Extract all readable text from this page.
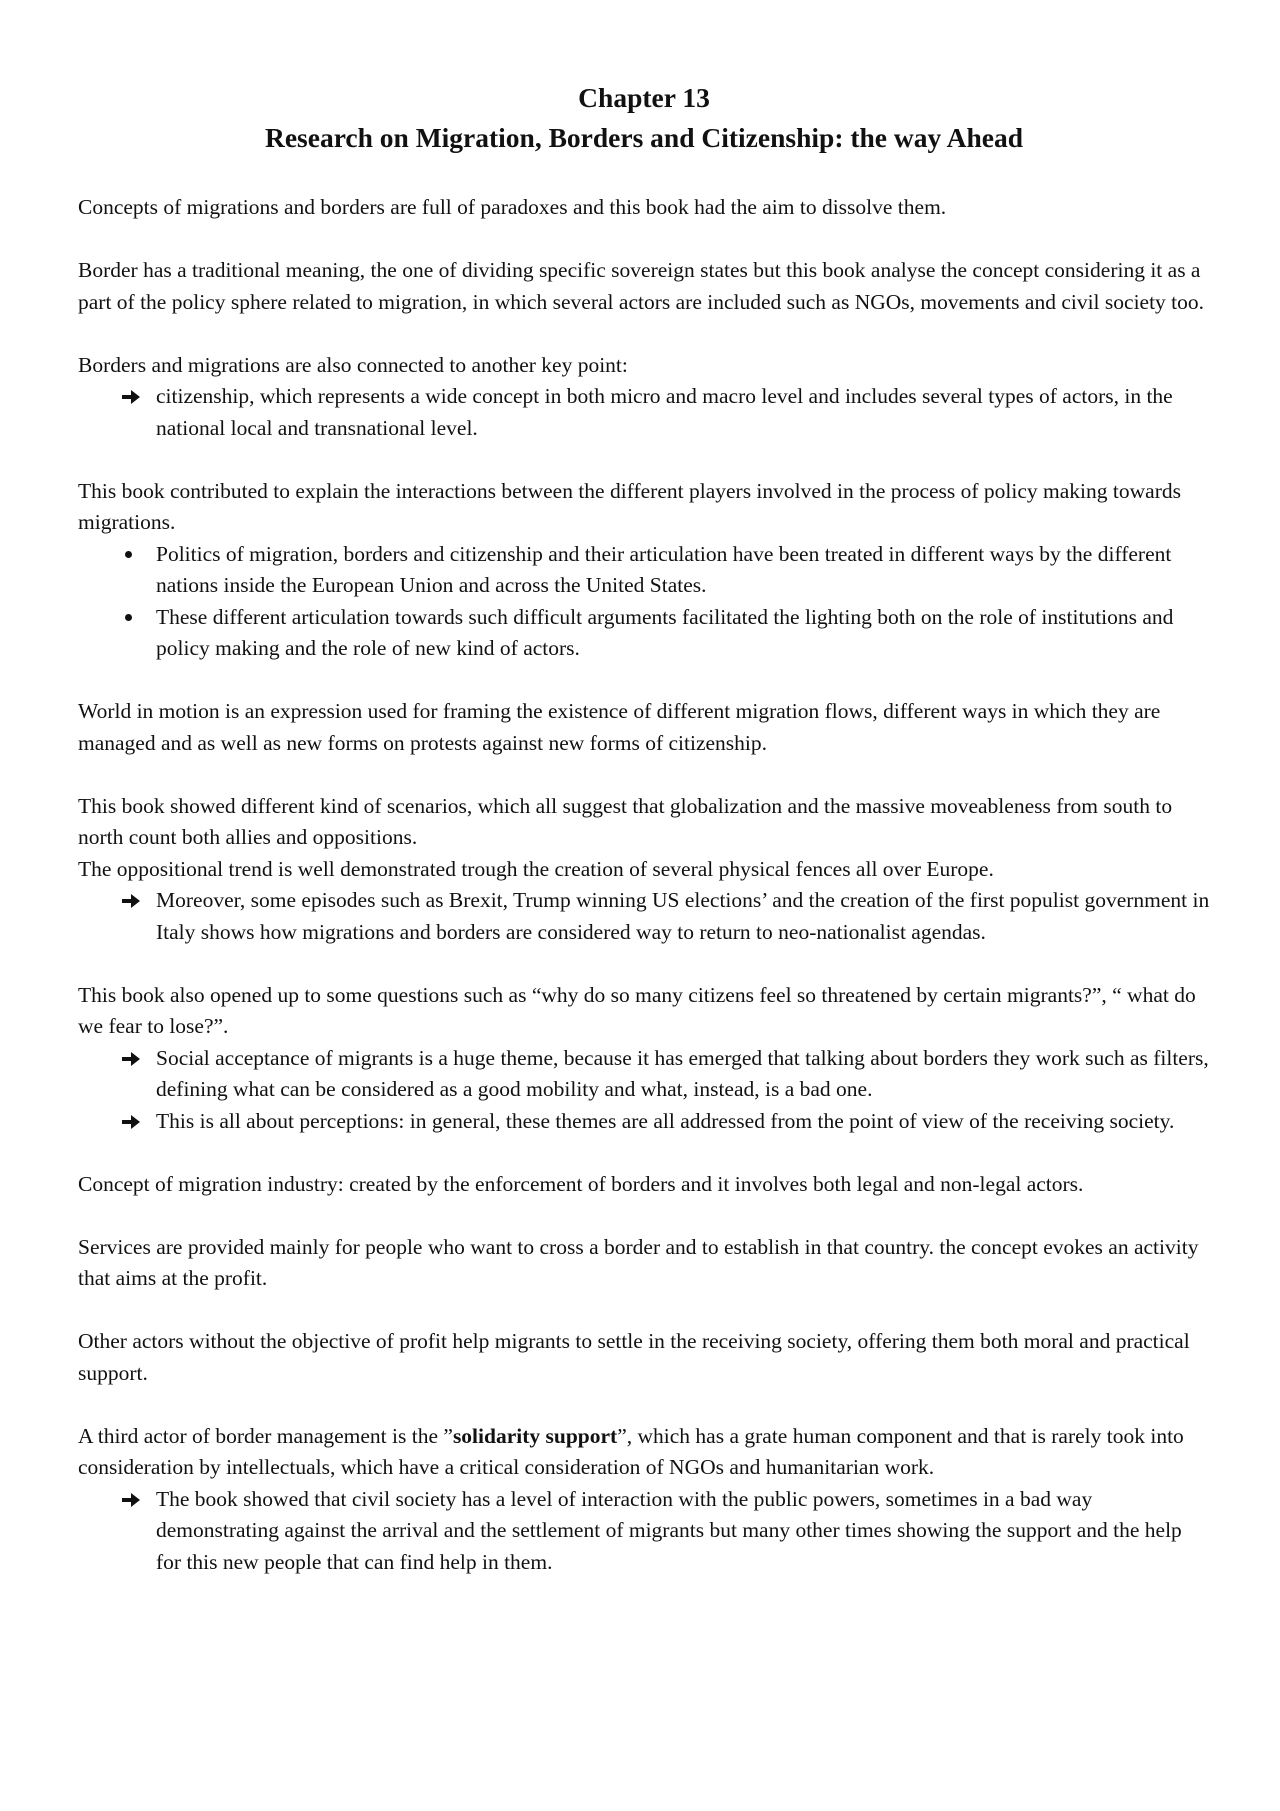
Chapter 13
Research on Migration, Borders and Citizenship: the way Ahead

Concepts of migrations and borders are full of paradoxes and this book had the aim to dissolve them.

Border has a traditional meaning, the one of dividing specific sovereign states but this book analyse the concept considering it as a part of the policy sphere related to migration, in which several actors are included such as NGOs, movements and civil society too.

Borders and migrations are also connected to another key point:

citizenship, which represents a wide concept in both micro and macro level and includes several types of actors, in the national local and transnational level.

This book contributed to explain the interactions between the different players involved in the process of policy making towards migrations.

Politics of migration, borders and citizenship and their articulation have been treated in different ways by the different nations inside the European Union and across the United States.
These different articulation towards such difficult arguments facilitated the lighting both on the role of institutions and policy making and the role of new kind of actors.

World in motion is an expression used for framing the existence of different migration flows, different ways in which they are managed and as well as new forms on protests against new forms of citizenship.

This book showed different kind of scenarios, which all suggest that globalization and the massive moveableness from south to north count both allies and oppositions.

The oppositional trend is well demonstrated trough the creation of several physical fences all over Europe.

Moreover, some episodes such as Brexit, Trump winning US elections’ and the creation of the first populist government in Italy shows how migrations and borders are considered way to return to neo-nationalist agendas.

This book also opened up to some questions such as “why do so many citizens feel so threatened by certain migrants?”, “ what do we fear to lose?”.

Social acceptance of migrants is a huge theme, because it has emerged that talking about borders they work such as filters, defining what can be considered as a good mobility and what, instead, is a bad one.
This is all about perceptions: in general, these themes are all addressed from the point of view of the receiving society.

Concept of migration industry: created by the enforcement of borders and it involves both legal and non-legal actors.

Services are provided mainly for people who want to cross a border and to establish in that country. the concept evokes an activity that aims at the profit.

Other actors without the objective of profit help migrants to settle in the receiving society, offering them both moral and practical support.

A third actor of border management is the ”solidarity support”, which has a grate human component and that is rarely took into consideration by intellectuals, which have a critical consideration of NGOs and humanitarian work.

The book showed that civil society has a level of interaction with the public powers, sometimes in a bad way demonstrating against the arrival and the settlement of migrants but many other times showing the support and the help for this new people that can find help in them.
